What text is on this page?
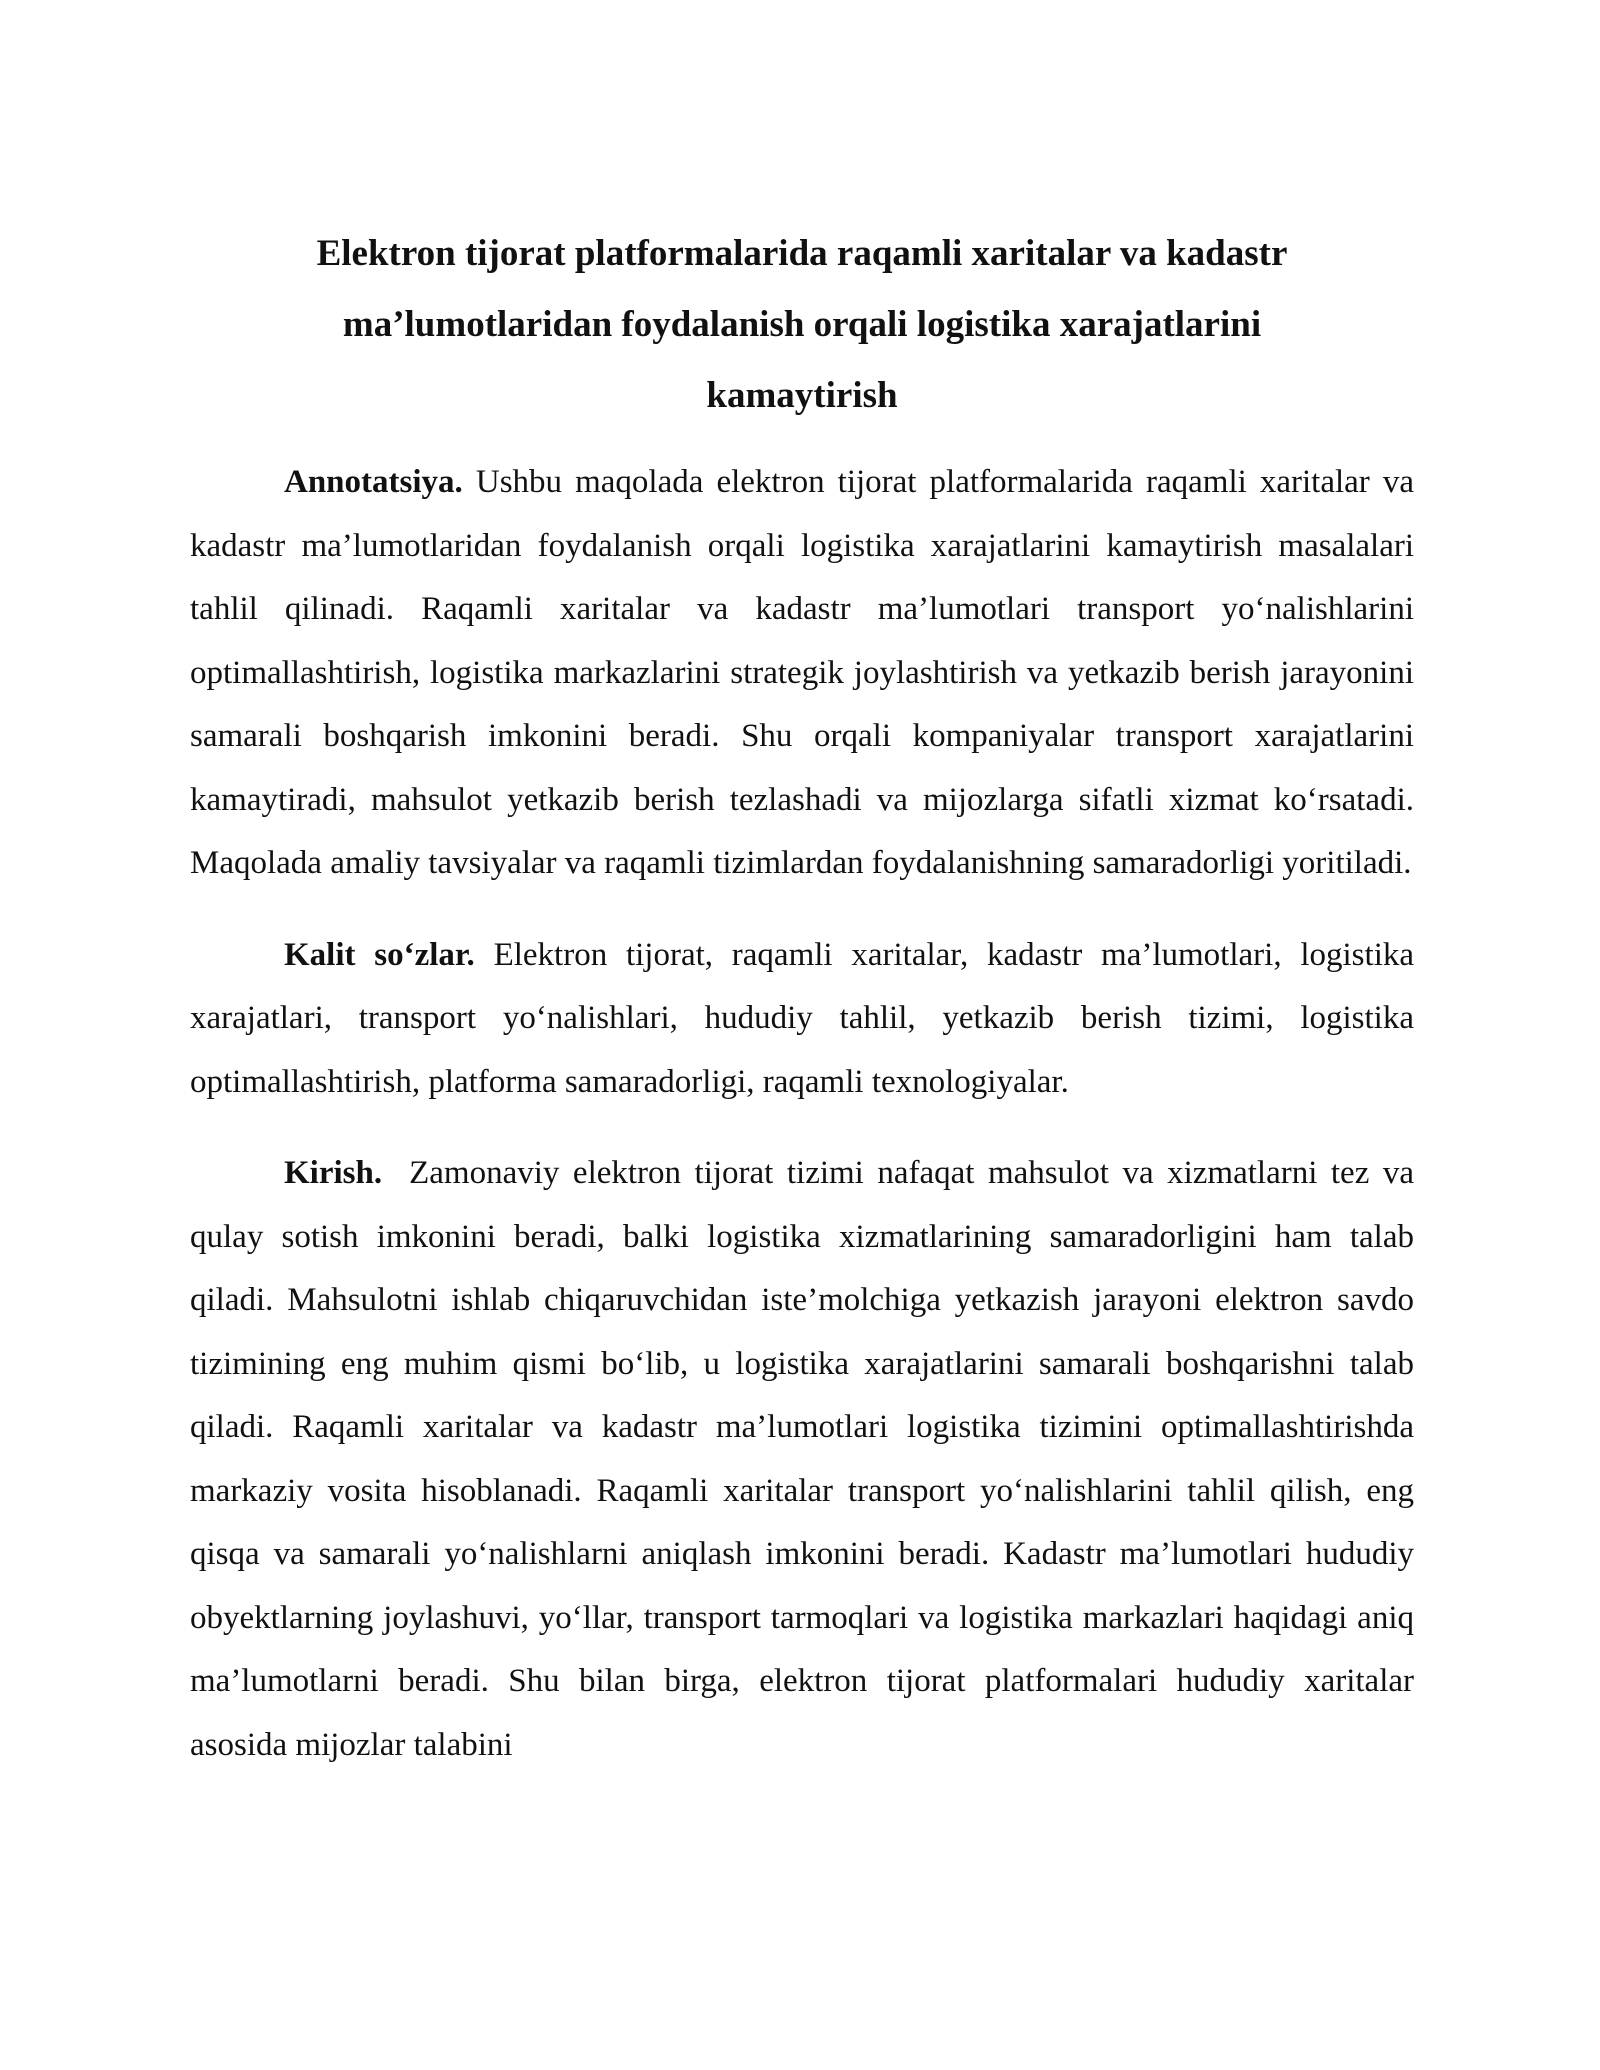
Elektron tijorat platformalarida raqamli xaritalar va kadastr
ma’lumotlaridan foydalanish orqali logistika xarajatlarini
kamaytirish

Annotatsiya. Ushbu maqolada elektron tijorat platformalarida raqamli xaritalar va kadastr ma’lumotlaridan foydalanish orqali logistika xarajatlarini kamaytirish masalalari tahlil qilinadi. Raqamli xaritalar va kadastr ma’lumotlari transport yo‘nalishlarini optimallashtirish, logistika markazlarini strategik joylashtirish va yetkazib berish jarayonini samarali boshqarish imkonini beradi. Shu orqali kompaniyalar transport xarajatlarini kamaytiradi, mahsulot yetkazib berish tezlashadi va mijozlarga sifatli xizmat ko‘rsatadi. Maqolada amaliy tavsiyalar va raqamli tizimlardan foydalanishning samaradorligi yoritiladi.

Kalit so‘zlar. Elektron tijorat, raqamli xaritalar, kadastr ma’lumotlari, logistika xarajatlari, transport yo‘nalishlari, hududiy tahlil, yetkazib berish tizimi, logistika optimallashtirish, platforma samaradorligi, raqamli texnologiyalar.

Kirish. Zamonaviy elektron tijorat tizimi nafaqat mahsulot va xizmatlarni tez va qulay sotish imkonini beradi, balki logistika xizmatlarining samaradorligini ham talab qiladi. Mahsulotni ishlab chiqaruvchidan iste’molchiga yetkazish jarayoni elektron savdo tizimining eng muhim qismi bo‘lib, u logistika xarajatlarini samarali boshqarishni talab qiladi. Raqamli xaritalar va kadastr ma’lumotlari logistika tizimini optimallashtirishda markaziy vosita hisoblanadi. Raqamli xaritalar transport yo‘nalishlarini tahlil qilish, eng qisqa va samarali yo‘nalishlarni aniqlash imkonini beradi. Kadastr ma’lumotlari hududiy obyektlarning joylashuvi, yo‘llar, transport tarmoqlari va logistika markazlari haqidagi aniq ma’lumotlarni beradi. Shu bilan birga, elektron tijorat platformalari hududiy xaritalar asosida mijozlar talabini
